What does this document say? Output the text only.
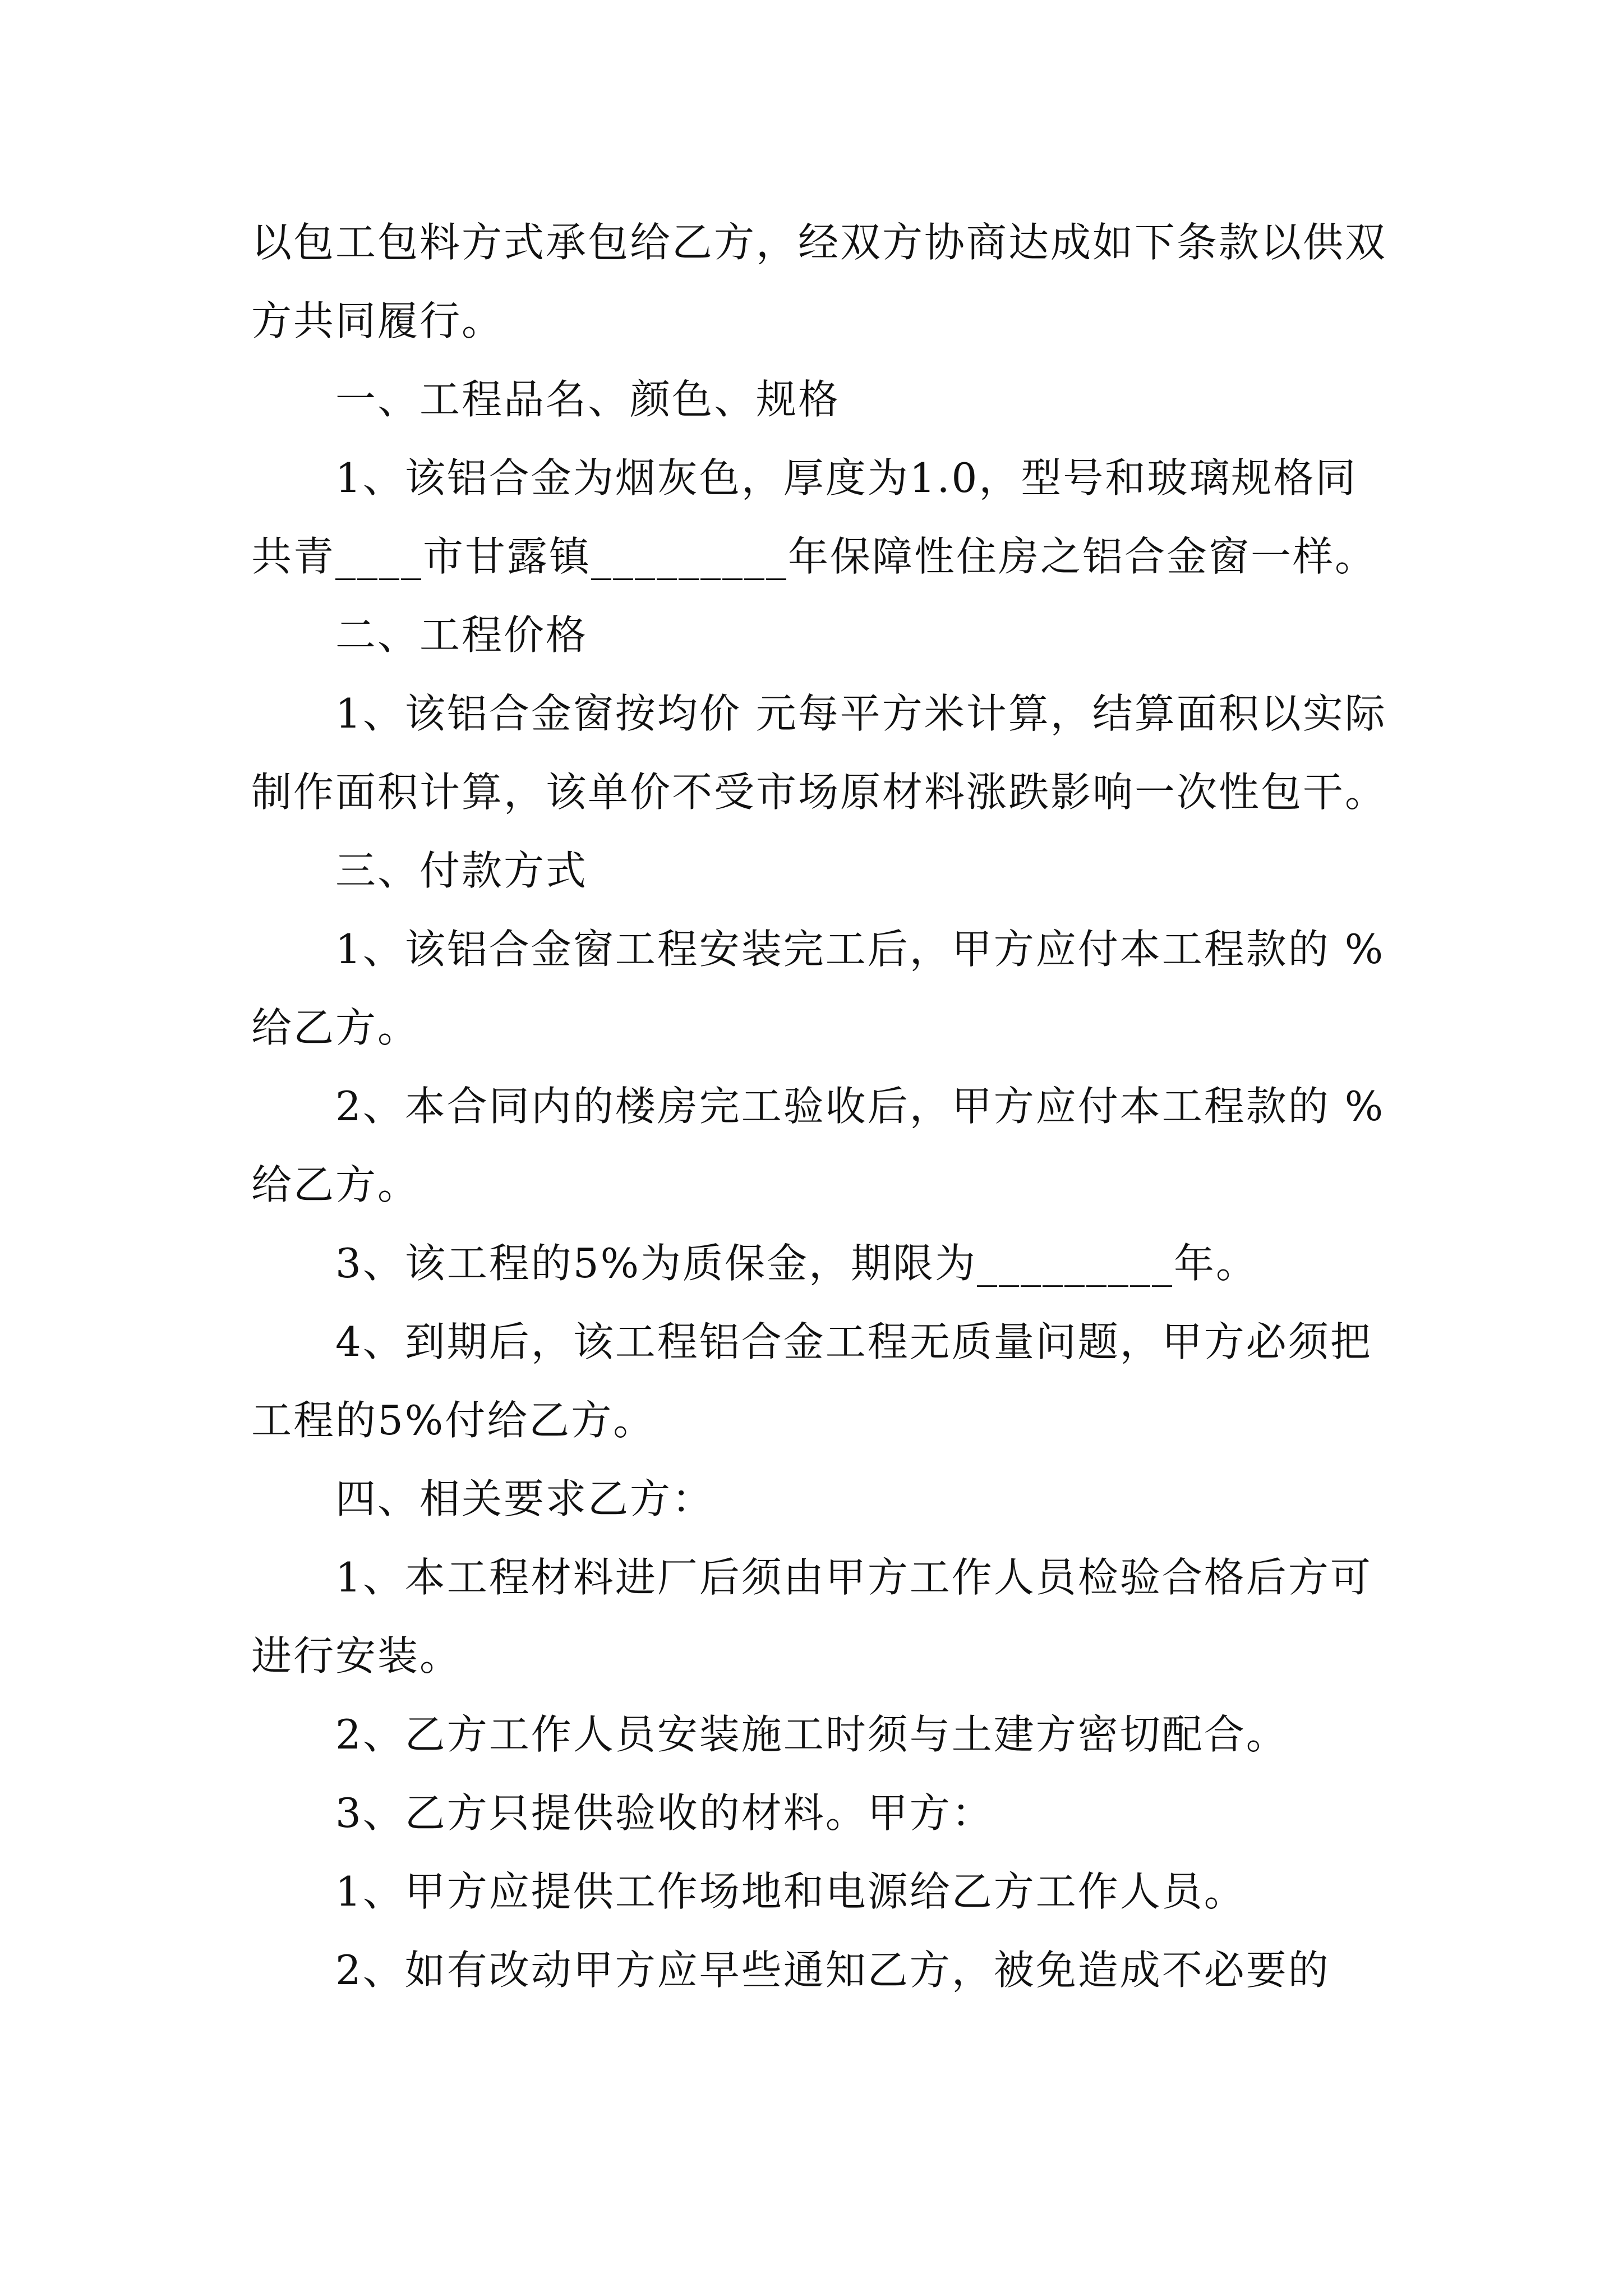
以包工包料方式承包给乙方，经双方协商达成如下条款以供双方共同履行。

一、工程品名、颜色、规格

1、该铝合金为烟灰色，厚度为1.0，型号和玻璃规格同共青____市甘露镇_________年保障性住房之铝合金窗一样。

二、工程价格

1、该铝合金窗按均价 元每平方米计算，结算面积以实际制作面积计算，该单价不受市场原材料涨跌影响一次性包干。

三、付款方式

1、该铝合金窗工程安装完工后，甲方应付本工程款的 %给乙方。

2、本合同内的楼房完工验收后，甲方应付本工程款的 %给乙方。

3、该工程的5%为质保金，期限为_________年。

4、到期后，该工程铝合金工程无质量问题，甲方必须把工程的5%付给乙方。

四、相关要求乙方：

1、本工程材料进厂后须由甲方工作人员检验合格后方可进行安装。

2、乙方工作人员安装施工时须与土建方密切配合。

3、乙方只提供验收的材料。甲方：

1、甲方应提供工作场地和电源给乙方工作人员。

2、如有改动甲方应早些通知乙方，被免造成不必要的
